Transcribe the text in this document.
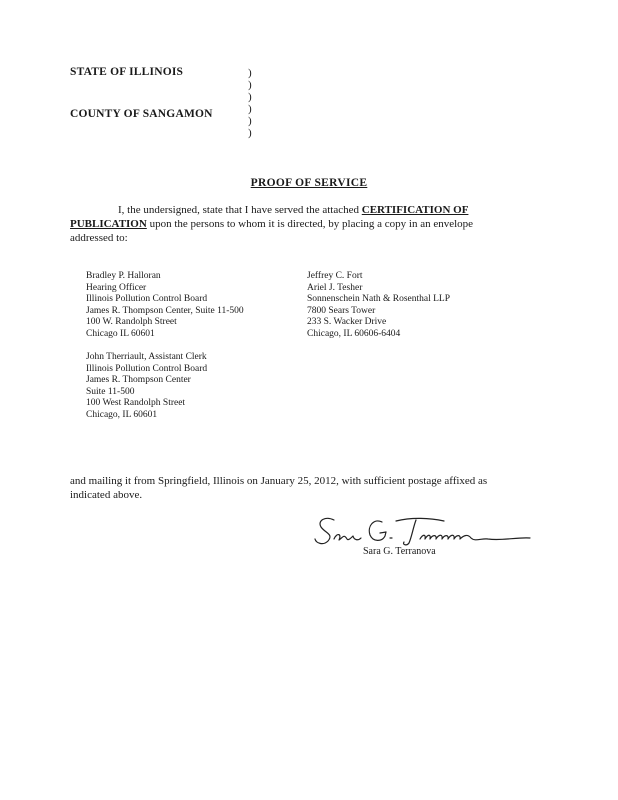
STATE OF ILLINOIS
COUNTY OF SANGAMON
)
)
)
)
)
)
PROOF OF SERVICE
I, the undersigned, state that I have served the attached CERTIFICATION OF
PUBLICATION upon the persons to whom it is directed, by placing a copy in an envelope
addressed to:
Bradley P. Halloran
Hearing Officer
Illinois Pollution Control Board
James R. Thompson Center, Suite 11-500
100 W. Randolph Street
Chicago IL 60601
Jeffrey C. Fort
Ariel J. Tesher
Sonnenschein Nath & Rosenthal LLP
7800 Sears Tower
233 S. Wacker Drive
Chicago, IL 60606-6404
John Therriault, Assistant Clerk
Illinois Pollution Control Board
James R. Thompson Center
Suite 11-500
100 West Randolph Street
Chicago, IL 60601
and mailing it from Springfield, Illinois on January 25, 2012, with sufficient postage affixed as
indicated above.
Sara G. Terranova
